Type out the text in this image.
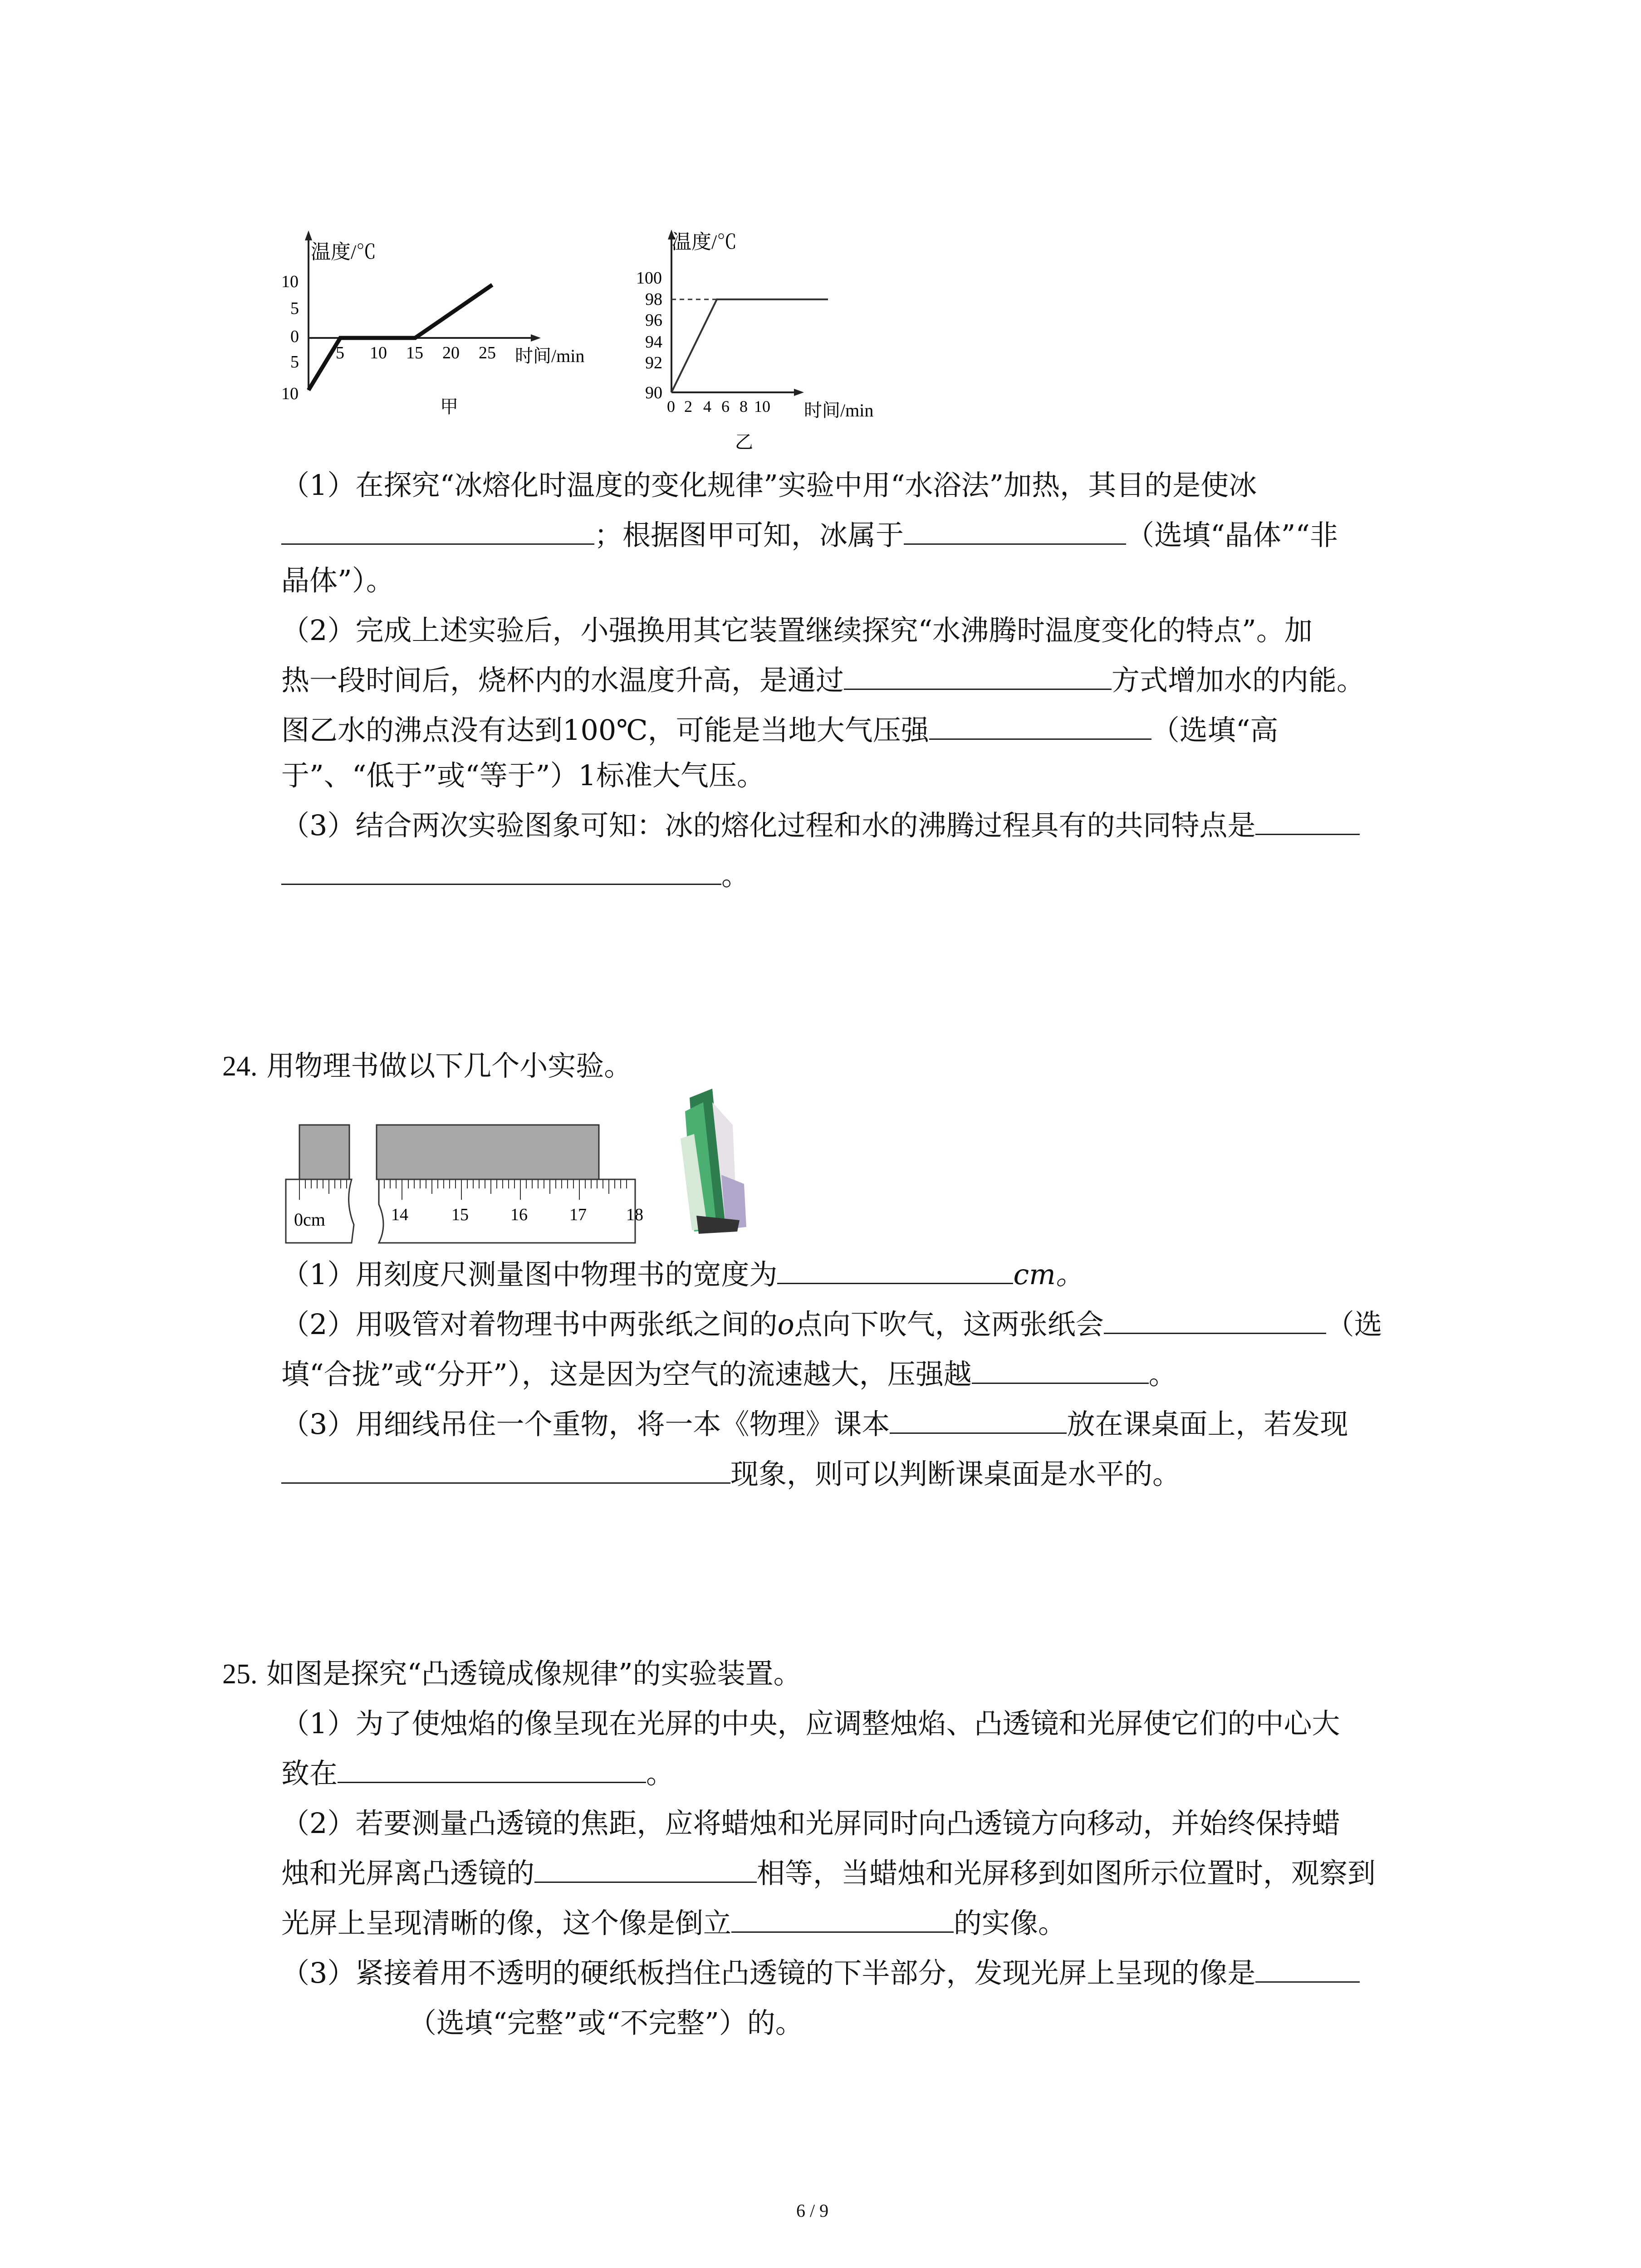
温度/℃
时间/min
10
5
0
5
10
5 10 15 20 25
甲
温度/℃
时间/min
100
98
96
94
92
90
0 2 4 6 8 10
乙
（1）在探究“冰熔化时温度的变化规律”实验中用“水浴法”加热，其目的是使冰
；根据图甲可知，冰属于	（选填“晶体”“非
晶体”）。
（2）完成上述实验后，小强换用其它装置继续探究“水沸腾时温度变化的特点”。加
热一段时间后，烧杯内的水温度升高，是通过	方式增加水的内能。
图乙水的沸点没有达到100℃，可能是当地大气压强	（选填“高
于”、“低于”或“等于”）1标准大气压。
（3）结合两次实验图象可知：冰的熔化过程和水的沸腾过程具有的共同特点是
。
24. 用物理书做以下几个小实验。
0cm	14	15 16 17 18
（1）用刻度尺测量图中物理书的宽度为	cm。
（2）用吸管对着物理书中两张纸之间的o点向下吹气，这两张纸会	（选
填“合拢”或“分开”），这是因为空气的流速越大，压强越	。
（3）用细线吊住一个重物，将一本《物理》课本	放在课桌面上，若发现
现象，则可以判断课桌面是水平的。
25. 如图是探究“凸透镜成像规律”的实验装置。
（1）为了使烛焰的像呈现在光屏的中央，应调整烛焰、凸透镜和光屏使它们的中心大
致在	。
（2）若要测量凸透镜的焦距，应将蜡烛和光屏同时向凸透镜方向移动，并始终保持蜡
烛和光屏离凸透镜的	相等，当蜡烛和光屏移到如图所示位置时，观察到
光屏上呈现清晰的像，这个像是倒立	的实像。
（3）紧接着用不透明的硬纸板挡住凸透镜的下半部分，发现光屏上呈现的像是
（选填“完整”或“不完整”）的。
6 / 9
